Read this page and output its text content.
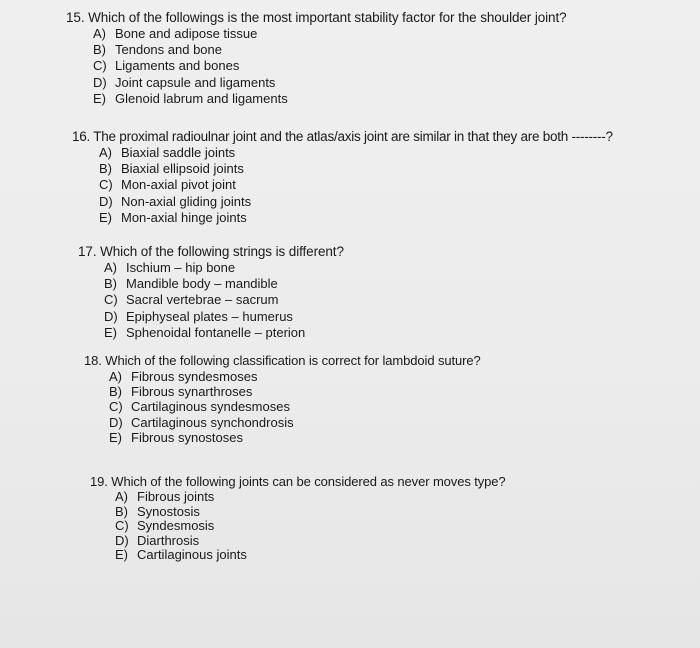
15. Which of the followings is the most important stability factor for the shoulder joint?
A) Bone and adipose tissue
B) Tendons and bone
C) Ligaments and bones
D) Joint capsule and ligaments
E) Glenoid labrum and ligaments
16. The proximal radioulnar joint and the atlas/axis joint are similar in that they are both --------?
A) Biaxial saddle joints
B) Biaxial ellipsoid joints
C) Mon-axial pivot joint
D) Non-axial gliding joints
E) Mon-axial hinge joints
17. Which of the following strings is different?
A) Ischium – hip bone
B) Mandible body – mandible
C) Sacral vertebrae – sacrum
D) Epiphyseal plates – humerus
E) Sphenoidal fontanelle – pterion
18. Which of the following classification is correct for lambdoid suture?
A) Fibrous syndesmoses
B) Fibrous synarthroses
C) Cartilaginous syndesmoses
D) Cartilaginous synchondrosis
E) Fibrous synostoses
19. Which of the following joints can be considered as never moves type?
A) Fibrous joints
B) Synostosis
C) Syndesmosis
D) Diarthrosis
E) Cartilaginous joints
